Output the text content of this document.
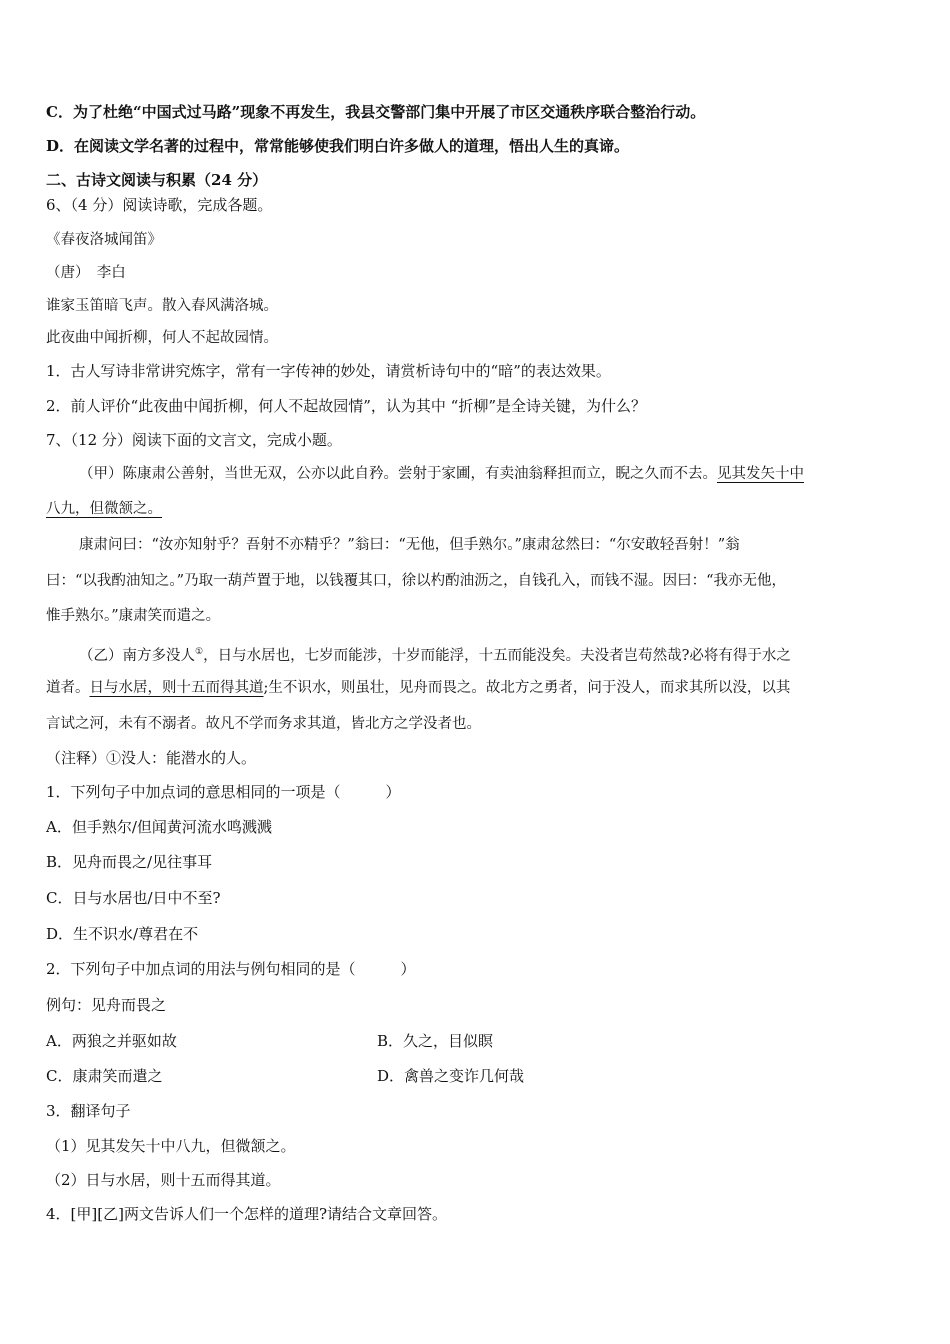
C．为了杜绝“中国式过马路”现象不再发生，我县交警部门集中开展了市区交通秩序联合整治行动。
D．在阅读文学名著的过程中，常常能够使我们明白许多做人的道理，悟出人生的真谛。
二、古诗文阅读与积累（24 分）
6、（4 分）阅读诗歌，完成各题。
《春夜洛城闻笛》
（唐）　李白
谁家玉笛暗飞声。散入春风满洛城。
此夜曲中闻折柳，何人不起故园情。
1．古人写诗非常讲究炼字，常有一字传神的妙处，请赏析诗句中的“暗”的表达效果。
2．前人评价“此夜曲中闻折柳，何人不起故园情”，认为其中 “折柳”是全诗关键，为什么？
7、（12 分）阅读下面的文言文，完成小题。
（甲）陈康肃公善射，当世无双，公亦以此自矜。尝射于家圃，有卖油翁释担而立，睨之久而不去。见其发矢十中
八九，但微颔之。
康肃问曰：“汝亦知射乎？吾射不亦精乎？”翁曰：“无他，但手熟尔。”康肃忿然曰：“尔安敢轻吾射！”翁
曰：“以我酌油知之。”乃取一葫芦置于地，以钱覆其口，徐以杓酌油沥之，自钱孔入，而钱不湿。因曰：“我亦无他，
惟手熟尔。”康肃笑而遣之。
（乙）南方多没人①，日与水居也，七岁而能涉，十岁而能浮，十五而能没矣。夫没者岂苟然哉?必将有得于水之
道者。日与水居，则十五而得其道;生不识水，则虽壮，见舟而畏之。故北方之勇者，问于没人，而求其所以没，以其
言试之河，未有不溺者。故凡不学而务求其道，皆北方之学没者也。
（注释）①没人：能潜水的人。
1．下列句子中加点词的意思相同的一项是（　　　）
A．但手熟尔/但闻黄河流水鸣溅溅
B．见舟而畏之/见往事耳
C．日与水居也/日中不至?
D．生不识水/尊君在不
2．下列句子中加点词的用法与例句相同的是（　　　）
例句：见舟而畏之
A．两狼之并驱如故	B．久之，目似瞑
C．康肃笑而遣之	D．禽兽之变诈几何哉
3．翻译句子
（1）见其发矢十中八九，但微颔之。
（2）日与水居，则十五而得其道。
4．[甲][乙]两文告诉人们一个怎样的道理?请结合文章回答。
